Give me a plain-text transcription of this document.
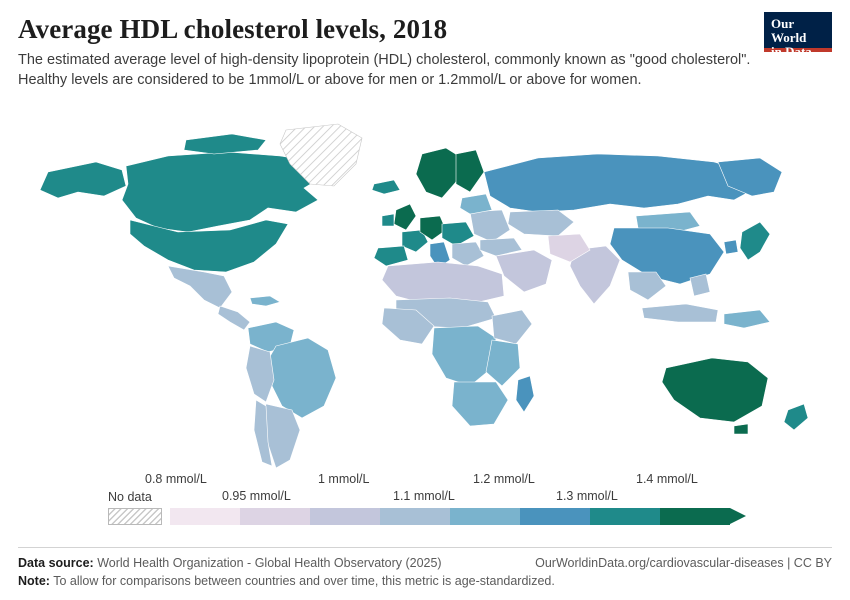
Average HDL cholesterol levels, 2018

The estimated average level of high-density lipoprotein (HDL) cholesterol, commonly known as "good cholesterol". Healthy levels are considered to be 1mmol/L or above for men or 1.2mmol/L or above for women.

Our World
in Data
0.8 mmol/L	1 mmol/L	1.2 mmol/L	1.4 mmol/L
0.95 mmol/L	1.1 mmol/L	1.3 mmol/L
No data
Data source: World Health Organization - Global Health Observatory (2025)	OurWorldinData.org/cardiovascular-diseases | CC BY
Note: To allow for comparisons between countries and over time, this metric is age-standardized.
